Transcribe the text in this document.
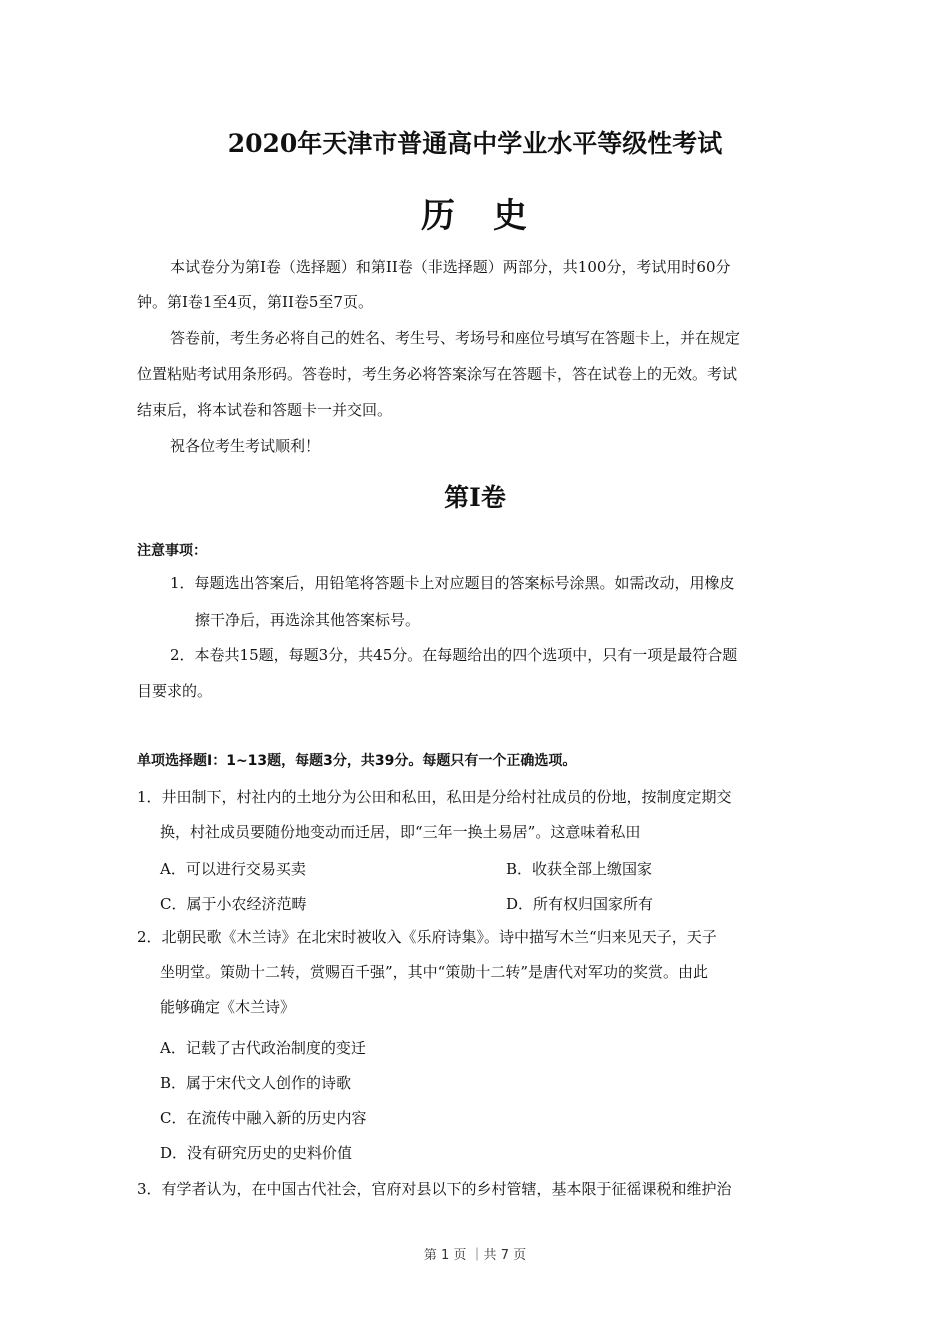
2020年天津市普通高中学业水平等级性考试
历 史
本试卷分为第I卷（选择题）和第II卷（非选择题）两部分，共100分，考试用时60分
钟。第I卷1至4页，第II卷5至7页。
答卷前，考生务必将自己的姓名、考生号、考场号和座位号填写在答题卡上，并在规定
位置粘贴考试用条形码。答卷时，考生务必将答案涂写在答题卡，答在试卷上的无效。考试
结束后，将本试卷和答题卡一并交回。
祝各位考生考试顺利！
第I卷
注意事项：
1．每题选出答案后，用铅笔将答题卡上对应题目的答案标号涂黑。如需改动，用橡皮
擦干净后，再选涂其他答案标号。
2．本卷共15题，每题3分，共45分。在每题给出的四个选项中，只有一项是最符合题
目要求的。
单项选择题I：1~13题，每题3分，共39分。每题只有一个正确选项。
1．井田制下，村社内的土地分为公田和私田，私田是分给村社成员的份地，按制度定期交
换，村社成员要随份地变动而迁居，即“三年一换土易居”。这意味着私田
A．可以进行交易买卖	B．收获全部上缴国家
C．属于小农经济范畴	D．所有权归国家所有
2．北朝民歌《木兰诗》在北宋时被收入《乐府诗集》。诗中描写木兰“归来见天子，天子
坐明堂。策勋十二转，赏赐百千强”，其中“策勋十二转”是唐代对军功的奖赏。由此
能够确定《木兰诗》
A．记载了古代政治制度的变迁
B．属于宋代文人创作的诗歌
C．在流传中融入新的历史内容
D．没有研究历史的史料价值
3．有学者认为，在中国古代社会，官府对县以下的乡村管辖，基本限于征徭课税和维护治
第 1 页 ｜共 7 页
